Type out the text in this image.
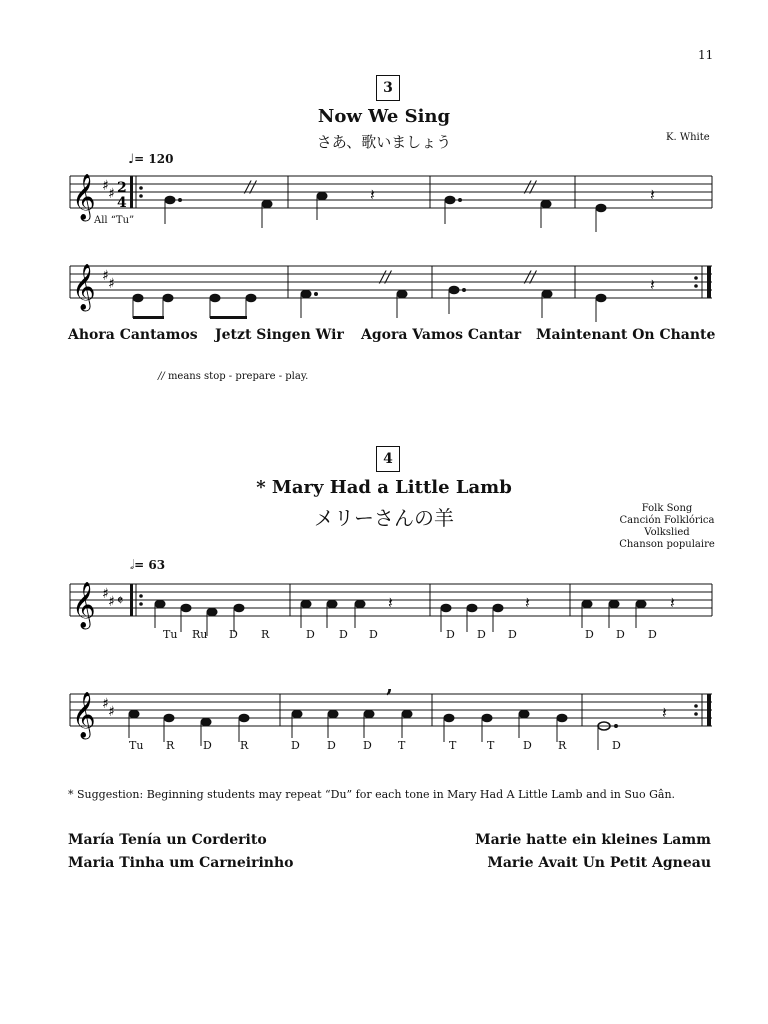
11
3
Now We Sing
さあ、歌いましょう	K. White
♩= 120
𝄞 ♯ ♯ 2
4
//	𝄽	//	𝄽
All “Tu”
𝄞 ♯ ♯	//	//	𝄽
Ahora Cantamos Jetzt Singen Wir Agora Vamos Cantar Maintenant On Chante
// means stop - prepare - play.
4
* Mary Had a Little Lamb
メリーさんの羊	Folk Song
Canción Folklórica
Volkslied
Chanson populaire
𝅗𝅥= 63
𝄞 ♯ ♯ 𝄵	𝄽	𝄽	𝄽
Tu Ru D R	D D D	D D D	D D D
𝄞 ♯ ♯
,
𝄽
Tu R	D	R	D D D T	T	T	D R	D
* Suggestion: Beginning students may repeat “Du” for each tone in Mary Had A Little Lamb and in Suo Gân.
María Tenía un Corderito
Maria Tinha um Carneirinho
Marie hatte ein kleines Lamm
Marie Avait Un Petit Agneau
